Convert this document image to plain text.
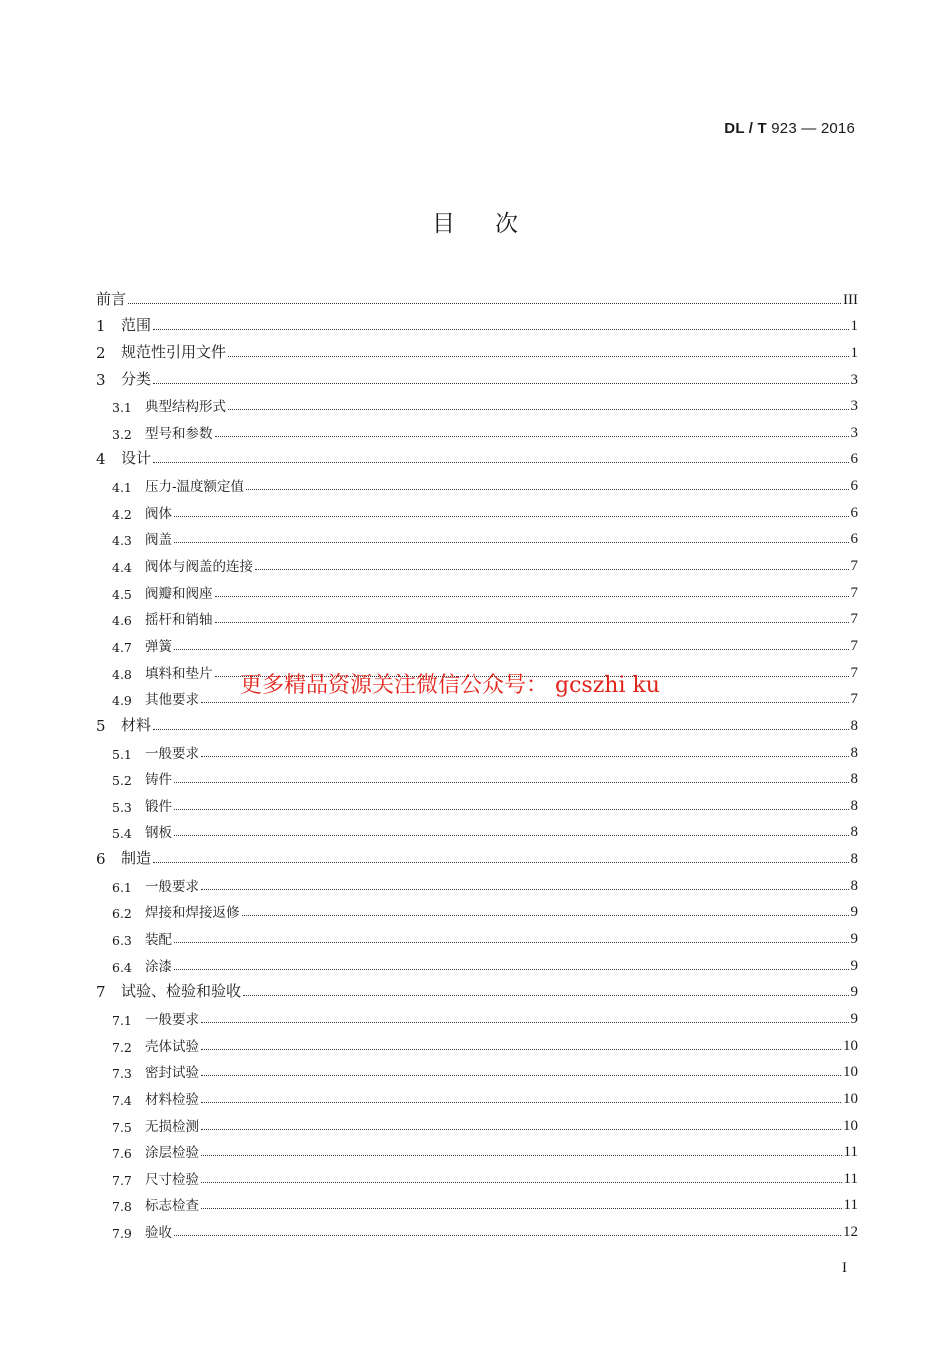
DL / T 923 — 2016
目次
前言	III
1	范围	1
2	规范性引用文件	1
3	分类	3
3.1 典型结构形式	3
3.2 型号和参数	3
4	设计	6
4.1 压力-温度额定值	6
4.2 阀体	6
4.3 阀盖	6
4.4 阀体与阀盖的连接	7
4.5 阀瓣和阀座	7
4.6 摇杆和销轴	7
4.7 弹簧	7
4.8 填料和垫片	7
4.9 其他要求	7
5	材料	8
5.1 一般要求	8
5.2 铸件	8
5.3 锻件	8
5.4 钢板	8
6	制造	8
6.1 一般要求	8
6.2 焊接和焊接返修	9
6.3 装配	9
6.4 涂漆	9
7	试验、检验和验收	9
7.1 一般要求	9
7.2 壳体试验	10
7.3 密封试验	10
7.4 材料检验	10
7.5 无损检测	10
7.6 涂层检验	11
7.7 尺寸检验	11
7.8 标志检查	11
7.9 验收	12
更多精品资源关注微信公众号： gcszhi ku
I
